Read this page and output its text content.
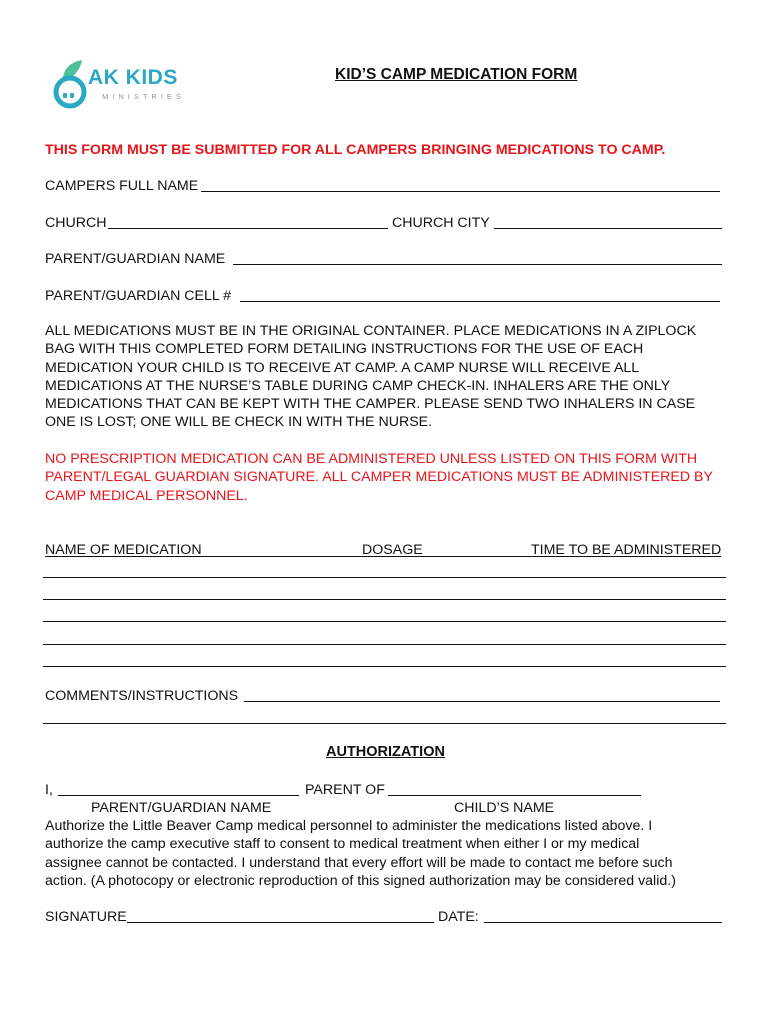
AK KIDS
MINISTRIES
KID’S CAMP MEDICATION FORM
THIS FORM MUST BE SUBMITTED FOR ALL CAMPERS BRINGING MEDICATIONS TO CAMP.
CAMPERS FULL NAME
CHURCH	CHURCH CITY
PARENT/GUARDIAN NAME
PARENT/GUARDIAN CELL #
ALL MEDICATIONS MUST BE IN THE ORIGINAL CONTAINER. PLACE MEDICATIONS IN A ZIPLOCK
BAG WITH THIS COMPLETED FORM DETAILING INSTRUCTIONS FOR THE USE OF EACH
MEDICATION YOUR CHILD IS TO RECEIVE AT CAMP. A CAMP NURSE WILL RECEIVE ALL
MEDICATIONS AT THE NURSE’S TABLE DURING CAMP CHECK-IN. INHALERS ARE THE ONLY
MEDICATIONS THAT CAN BE KEPT WITH THE CAMPER. PLEASE SEND TWO INHALERS IN CASE
ONE IS LOST; ONE WILL BE CHECK IN WITH THE NURSE.
NO PRESCRIPTION MEDICATION CAN BE ADMINISTERED UNLESS LISTED ON THIS FORM WITH
PARENT/LEGAL GUARDIAN SIGNATURE. ALL CAMPER MEDICATIONS MUST BE ADMINISTERED BY
CAMP MEDICAL PERSONNEL.
NAME OF MEDICATION	DOSAGE	TIME TO BE ADMINISTERED
COMMENTS/INSTRUCTIONS
AUTHORIZATION
I,	PARENT OF
PARENT/GUARDIAN NAME	CHILD’S NAME
Authorize the Little Beaver Camp medical personnel to administer the medications listed above. I
authorize the camp executive staff to consent to medical treatment when either I or my medical
assignee cannot be contacted. I understand that every effort will be made to contact me before such
action. (A photocopy or electronic reproduction of this signed authorization may be considered valid.)
SIGNATURE	DATE:
